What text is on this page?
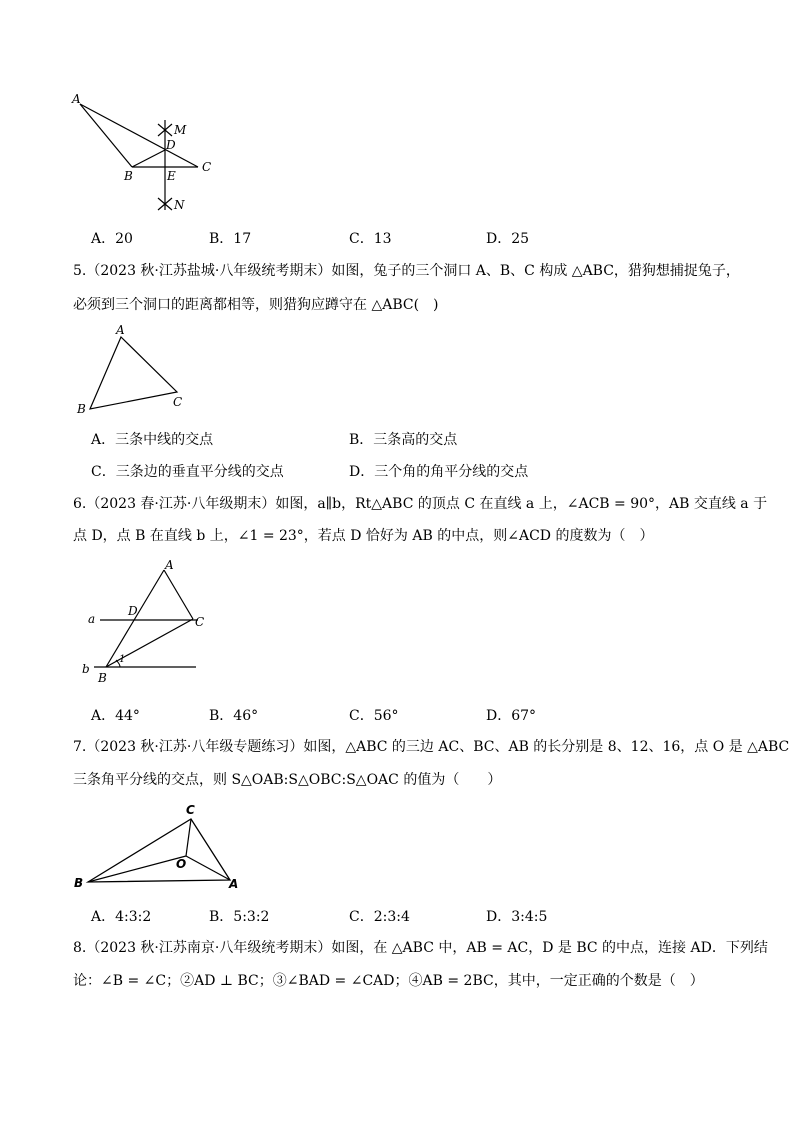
A
B
C
D
E
M
N
A．20	B．17	C．13	D．25
5.（2023 秋·江苏盐城·八年级统考期末）如图，兔子的三个洞口 A、B、C 构成 △ABC，猎狗想捕捉兔子，
必须到三个洞口的距离都相等，则猎狗应蹲守在 △ABC(　)
A
B	C
A．三条中线的交点	B．三条高的交点
C．三条边的垂直平分线的交点	D．三个角的角平分线的交点
6.（2023 春·江苏·八年级期末）如图，a∥b，Rt△ABC 的顶点 C 在直线 a 上，∠ACB = 90°，AB 交直线 a 于
点 D，点 B 在直线 b 上，∠1 = 23°，若点 D 恰好为 AB 的中点，则∠ACD 的度数为（　）
A
B
C
D
a
b
1
A．44°	B．46°	C．56°	D．67°
7.（2023 秋·江苏·八年级专题练习）如图，△ABC 的三边 AC、BC、AB 的长分别是 8、12、16，点 O 是 △ABC
三条角平分线的交点，则 S△OAB:S△OBC:S△OAC 的值为（　　）
C
B	A
O
A．4:3:2	B．5:3:2	C．2:3:4	D．3:4:5
8.（2023 秋·江苏南京·八年级统考期末）如图，在 △ABC 中，AB = AC，D 是 BC 的中点，连接 AD．下列结
论：∠B = ∠C；②AD ⊥ BC；③∠BAD = ∠CAD；④AB = 2BC，其中，一定正确的个数是（　）
